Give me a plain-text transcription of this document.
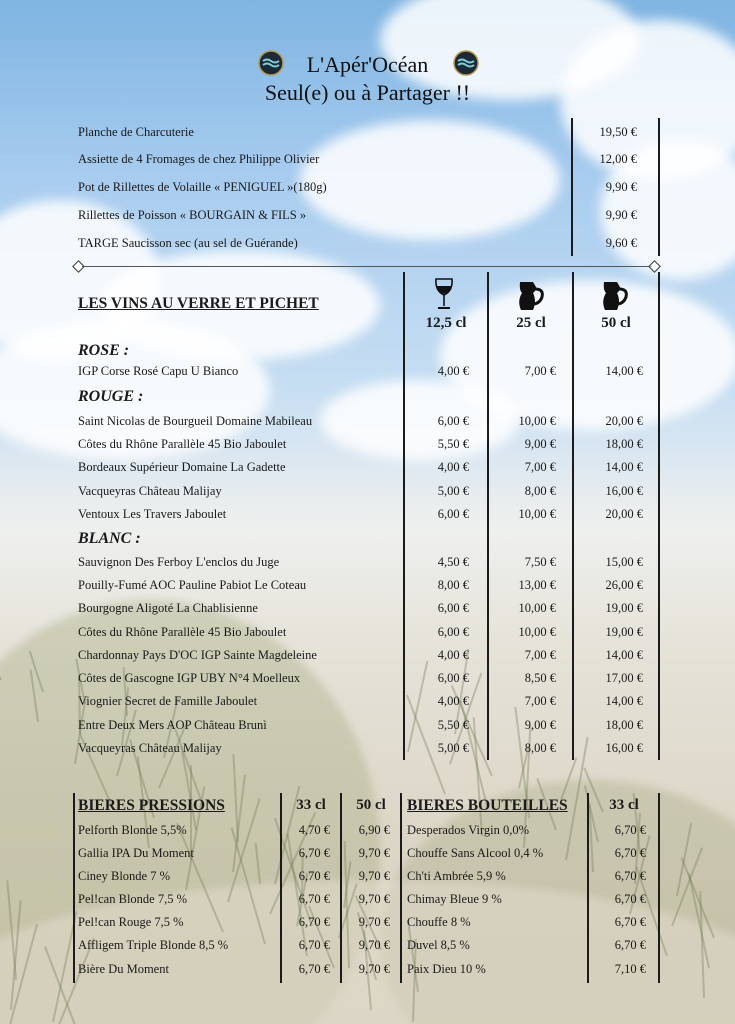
L'Apér'Océan
Seul(e) ou à Partager !!
Planche de Charcuterie	19,50 €
Assiette de 4 Fromages de chez Philippe Olivier	12,00 €
Pot de Rillettes de Volaille « PENIGUEL »(180g)	9,90 €
Rillettes de Poisson « BOURGAIN & FILS »	9,90 €
TARGE Saucisson sec (au sel de Guérande)	9,60 €
LES VINS AU VERRE ET PICHET
12,5 cl	25 cl	50 cl
ROSE :
IGP Corse Rosé Capu U Bianco	4,00 €	7,00 €	14,00 €
ROUGE :
Saint Nicolas de Bourgueil Domaine Mabileau	6,00 €	10,00 €	20,00 €
Côtes du Rhône Parallèle 45 Bio Jaboulet	5,50 €	9,00 €	18,00 €
Bordeaux Supérieur Domaine La Gadette	4,00 €	7,00 €	14,00 €
Vacqueyras Château Malijay	5,00 €	8,00 €	16,00 €
Ventoux Les Travers Jaboulet	6,00 €	10,00 €	20,00 €
BLANC :
Sauvignon Des Ferboy L'enclos du Juge	4,50 €	7,50 €	15,00 €
Pouilly-Fumé AOC Pauline Pabiot Le Coteau	8,00 €	13,00 €	26,00 €
Bourgogne Aligoté La Chablisienne	6,00 €	10,00 €	19,00 €
Côtes du Rhône Parallèle 45 Bio Jaboulet	6,00 €	10,00 €	19,00 €
Chardonnay Pays D'OC IGP Sainte Magdeleine	4,00 €	7,00 €	14,00 €
Côtes de Gascogne IGP UBY N°4 Moelleux	6,00 €	8,50 €	17,00 €
Viognier Secret de Famille Jaboulet	4,00 €	7,00 €	14,00 €
Entre Deux Mers AOP Château Brunì	5,50 €	9,00 €	18,00 €
Vacqueyras Château Malijay	5,00 €	8,00 €	16,00 €
BIERES PRESSIONS	33 cl	50 cl	BIERES BOUTEILLES	33 cl
Pelforth Blonde 5,5%	4,70 €	6,90 €
Gallia IPA Du Moment	6,70 €	9,70 €
Ciney Blonde 7 %	6,70 €	9,70 €
Pel!can Blonde 7,5 %	6,70 €	9,70 €
Pel!can Rouge 7,5 %	6,70 €	9,70 €
Affligem Triple Blonde 8,5 %	6,70 €	9,70 €
Bière Du Moment	6,70 €	9,70 €
Desperados Virgin 0,0%	6,70 €
Chouffe Sans Alcool 0,4 %	6,70 €
Ch'ti Ambrée 5,9 %	6,70 €
Chimay Bleue 9 %	6,70 €
Chouffe 8 %	6,70 €
Duvel 8,5 %	6,70 €
Paix Dieu 10 %	7,10 €
